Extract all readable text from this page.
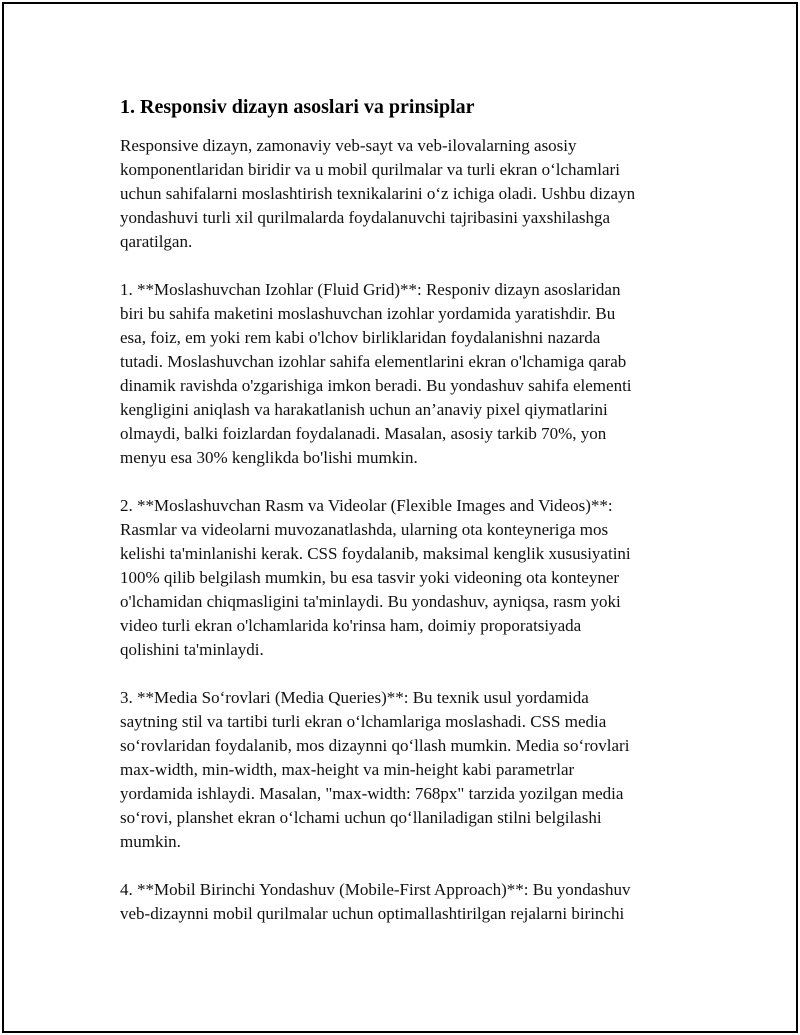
1. Responsiv dizayn asoslari va prinsiplar

Responsive dizayn, zamonaviy veb-sayt va veb-ilovalarning asosiy
komponentlaridan biridir va u mobil qurilmalar va turli ekran oʻlchamlari
uchun sahifalarni moslashtirish texnikalarini oʻz ichiga oladi. Ushbu dizayn
yondashuvi turli xil qurilmalarda foydalanuvchi tajribasini yaxshilashga
qaratilgan.

1. **Moslashuvchan Izohlar (Fluid Grid)**: Responiv dizayn asoslaridan
biri bu sahifa maketini moslashuvchan izohlar yordamida yaratishdir. Bu
esa, foiz, em yoki rem kabi o'lchov birliklaridan foydalanishni nazarda
tutadi. Moslashuvchan izohlar sahifa elementlarini ekran o'lchamiga qarab
dinamik ravishda o'zgarishiga imkon beradi. Bu yondashuv sahifa elementi
kengligini aniqlash va harakatlanish uchun an’anaviy pixel qiymatlarini
olmaydi, balki foizlardan foydalanadi. Masalan, asosiy tarkib 70%, yon
menyu esa 30% kenglikda bo'lishi mumkin.

2. **Moslashuvchan Rasm va Videolar (Flexible Images and Videos)**:
Rasmlar va videolarni muvozanatlashda, ularning ota konteyneriga mos
kelishi ta'minlanishi kerak. CSS foydalanib, maksimal kenglik xususiyatini
100% qilib belgilash mumkin, bu esa tasvir yoki videoning ota konteyner
o'lchamidan chiqmasligini ta'minlaydi. Bu yondashuv, ayniqsa, rasm yoki
video turli ekran o'lchamlarida ko'rinsa ham, doimiy proporatsiyada
qolishini ta'minlaydi.

3. **Media Soʻrovlari (Media Queries)**: Bu texnik usul yordamida
saytning stil va tartibi turli ekran oʻlchamlariga moslashadi. CSS media
soʻrovlaridan foydalanib, mos dizaynni qoʻllash mumkin. Media soʻrovlari
max-width, min-width, max-height va min-height kabi parametrlar
yordamida ishlaydi. Masalan, "max-width: 768px" tarzida yozilgan media
soʻrovi, planshet ekran oʻlchami uchun qoʻllaniladigan stilni belgilashi
mumkin.

4. **Mobil Birinchi Yondashuv (Mobile-First Approach)**: Bu yondashuv
veb-dizaynni mobil qurilmalar uchun optimallashtirilgan rejalarni birinchi
